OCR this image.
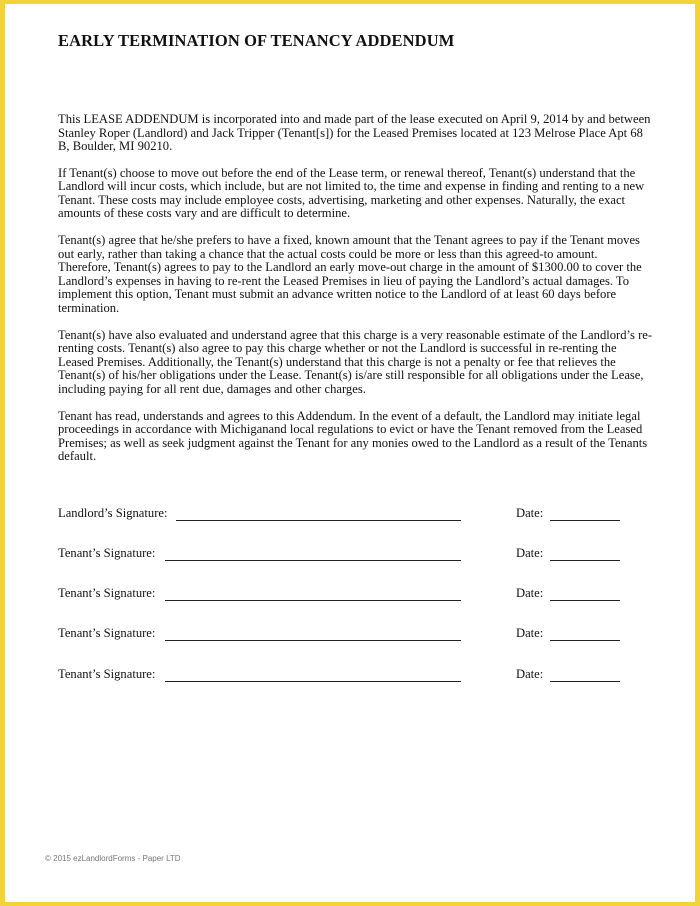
EARLY TERMINATION OF TENANCY ADDENDUM

This LEASE ADDENDUM is incorporated into and made part of the lease executed on April 9, 2014 by and between Stanley Roper (Landlord) and Jack Tripper (Tenant[s]) for the Leased Premises located at 123 Melrose Place Apt 68 B, Boulder, MI 90210.

If Tenant(s) choose to move out before the end of the Lease term, or renewal thereof, Tenant(s) understand that the Landlord will incur costs, which include, but are not limited to, the time and expense in finding and renting to a new Tenant. These costs may include employee costs, advertising, marketing and other expenses. Naturally, the exact amounts of these costs vary and are difficult to determine.

Tenant(s) agree that he/she prefers to have a fixed, known amount that the Tenant agrees to pay if the Tenant moves out early, rather than taking a chance that the actual costs could be more or less than this agreed-to amount. Therefore, Tenant(s) agrees to pay to the Landlord an early move-out charge in the amount of $1300.00 to cover the Landlord’s expenses in having to re-rent the Leased Premises in lieu of paying the Landlord’s actual damages. To implement this option, Tenant must submit an advance written notice to the Landlord of at least 60 days before termination.

Tenant(s) have also evaluated and understand agree that this charge is a very reasonable estimate of the Landlord’s re-renting costs. Tenant(s) also agree to pay this charge whether or not the Landlord is successful in re-renting the Leased Premises. Additionally, the Tenant(s) understand that this charge is not a penalty or fee that relieves the Tenant(s) of his/her obligations under the Lease. Tenant(s) is/are still responsible for all obligations under the Lease, including paying for all rent due, damages and other charges.

Tenant has read, understands and agrees to this Addendum. In the event of a default, the Landlord may initiate legal proceedings in accordance with Michiganand local regulations to evict or have the Tenant removed from the Leased Premises; as well as seek judgment against the Tenant for any monies owed to the Landlord as a result of the Tenants default.

Landlord’s Signature:	Date:
Tenant’s Signature:	Date:
Tenant’s Signature:	Date:
Tenant’s Signature:	Date:
Tenant’s Signature:	Date:
© 2015 ezLandlordForms - Paper LTD
